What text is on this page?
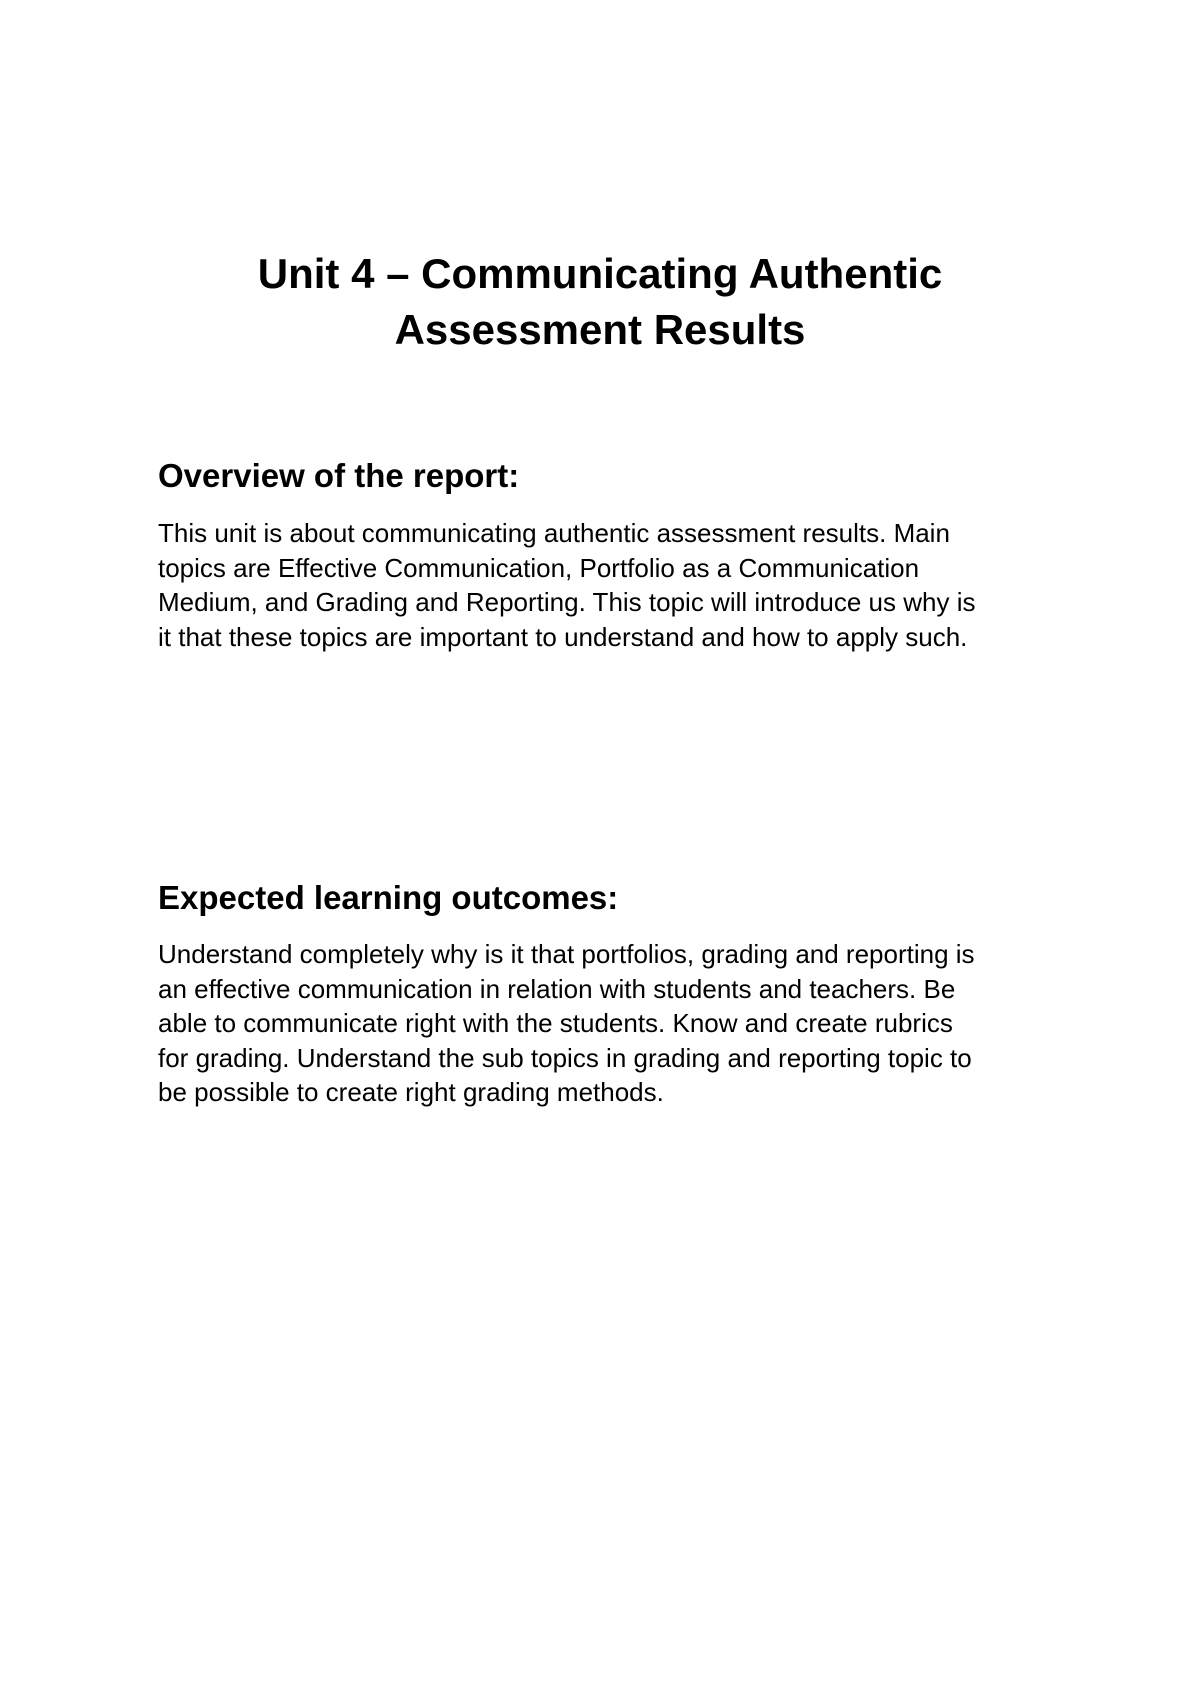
Unit 4 – Communicating Authentic
Assessment Results
Overview of the report:

This unit is about communicating authentic assessment results. Main
topics are Effective Communication, Portfolio as a Communication
Medium, and Grading and Reporting. This topic will introduce us why is
it that these topics are important to understand and how to apply such.

Expected learning outcomes:

Understand completely why is it that portfolios, grading and reporting is
an effective communication in relation with students and teachers. Be
able to communicate right with the students. Know and create rubrics
for grading. Understand the sub topics in grading and reporting topic to
be possible to create right grading methods.
